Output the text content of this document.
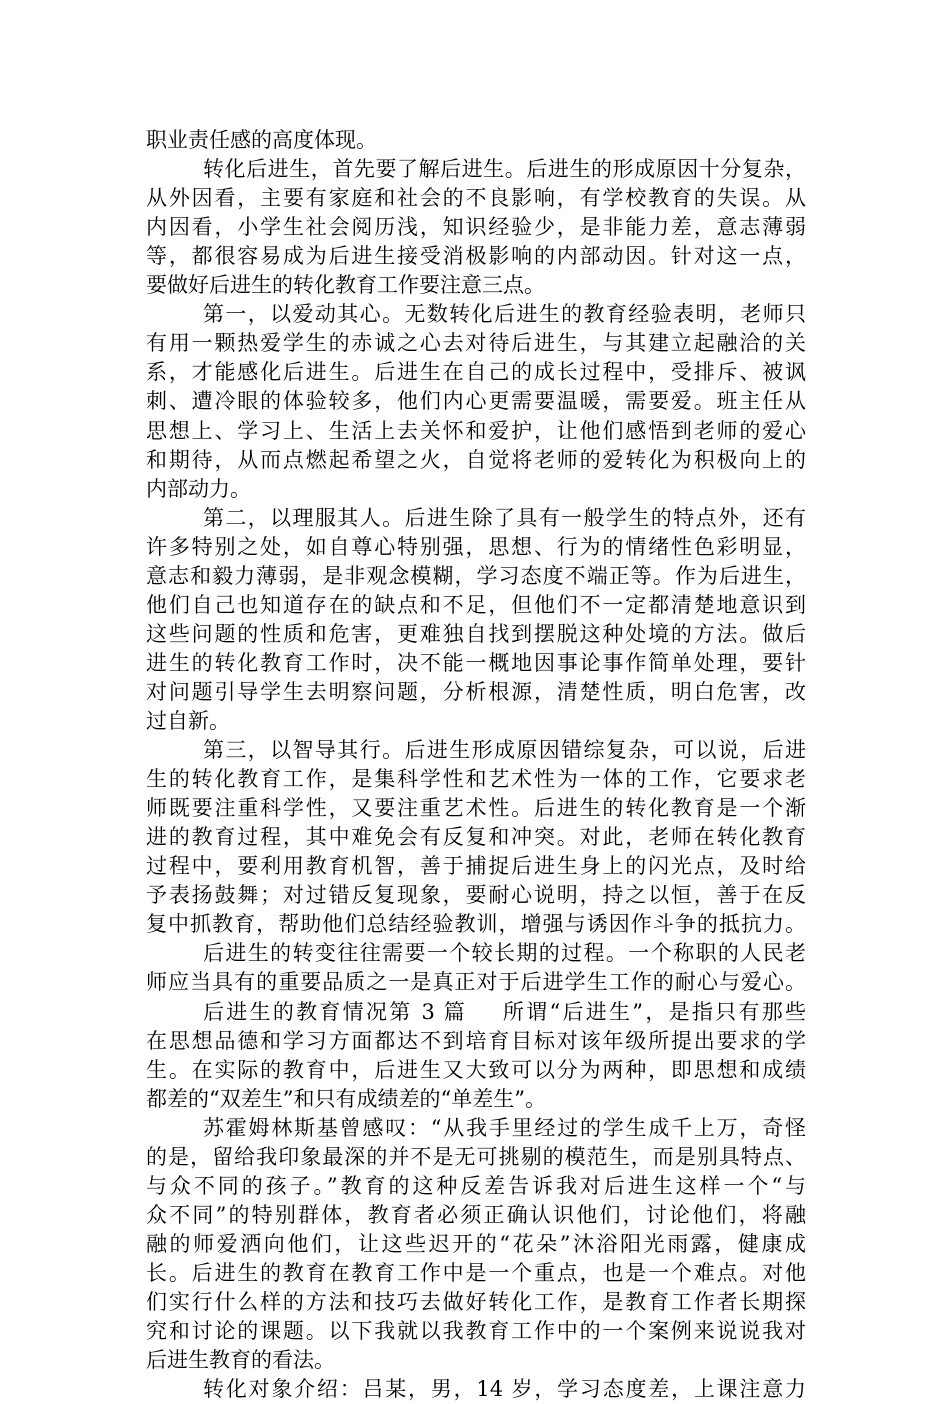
职业责任感的高度体现。
转化后进生，首先要了解后进生。后进生的形成原因十分复杂，
从外因看，主要有家庭和社会的不良影响，有学校教育的失误。从
内因看，小学生社会阅历浅，知识经验少，是非能力差，意志薄弱
等，都很容易成为后进生接受消极影响的内部动因。针对这一点，
要做好后进生的转化教育工作要注意三点。
第一，以爱动其心。无数转化后进生的教育经验表明，老师只
有用一颗热爱学生的赤诚之心去对待后进生，与其建立起融洽的关
系，才能感化后进生。后进生在自己的成长过程中，受排斥、被讽
刺、遭冷眼的体验较多，他们内心更需要温暖，需要爱。班主任从
思想上、学习上、生活上去关怀和爱护，让他们感悟到老师的爱心
和期待，从而点燃起希望之火，自觉将老师的爱转化为积极向上的
内部动力。
第二，以理服其人。后进生除了具有一般学生的特点外，还有
许多特别之处，如自尊心特别强，思想、行为的情绪性色彩明显，
意志和毅力薄弱，是非观念模糊，学习态度不端正等。作为后进生，
他们自己也知道存在的缺点和不足，但他们不一定都清楚地意识到
这些问题的性质和危害，更难独自找到摆脱这种处境的方法。做后
进生的转化教育工作时，决不能一概地因事论事作简单处理，要针
对问题引导学生去明察问题，分析根源，清楚性质，明白危害，改
过自新。
第三，以智导其行。后进生形成原因错综复杂，可以说，后进
生的转化教育工作，是集科学性和艺术性为一体的工作，它要求老
师既要注重科学性，又要注重艺术性。后进生的转化教育是一个渐
进的教育过程，其中难免会有反复和冲突。对此，老师在转化教育
过程中，要利用教育机智，善于捕捉后进生身上的闪光点，及时给
予表扬鼓舞；对过错反复现象，要耐心说明，持之以恒，善于在反
复中抓教育，帮助他们总结经验教训，增强与诱因作斗争的抵抗力。
后进生的转变往往需要一个较长期的过程。一个称职的人民老
师应当具有的重要品质之一是真正对于后进学生工作的耐心与爱心。
后进生的教育情况第 3 篇    所谓“后进生”，是指只有那些
在思想品德和学习方面都达不到培育目标对该年级所提出要求的学
生。在实际的教育中，后进生又大致可以分为两种，即思想和成绩
都差的“双差生”和只有成绩差的“单差生”。
苏霍姆林斯基曾感叹：“从我手里经过的学生成千上万，奇怪
的是，留给我印象最深的并不是无可挑剔的模范生，而是别具特点、
与众不同的孩子。”教育的这种反差告诉我对后进生这样一个“与
众不同”的特别群体，教育者必须正确认识他们，讨论他们，将融
融的师爱洒向他们，让这些迟开的“花朵”沐浴阳光雨露，健康成
长。后进生的教育在教育工作中是一个重点，也是一个难点。对他
们实行什么样的方法和技巧去做好转化工作，是教育工作者长期探
究和讨论的课题。以下我就以我教育工作中的一个案例来说说我对
后进生教育的看法。
转化对象介绍：吕某，男，14 岁，学习态度差，上课注意力
